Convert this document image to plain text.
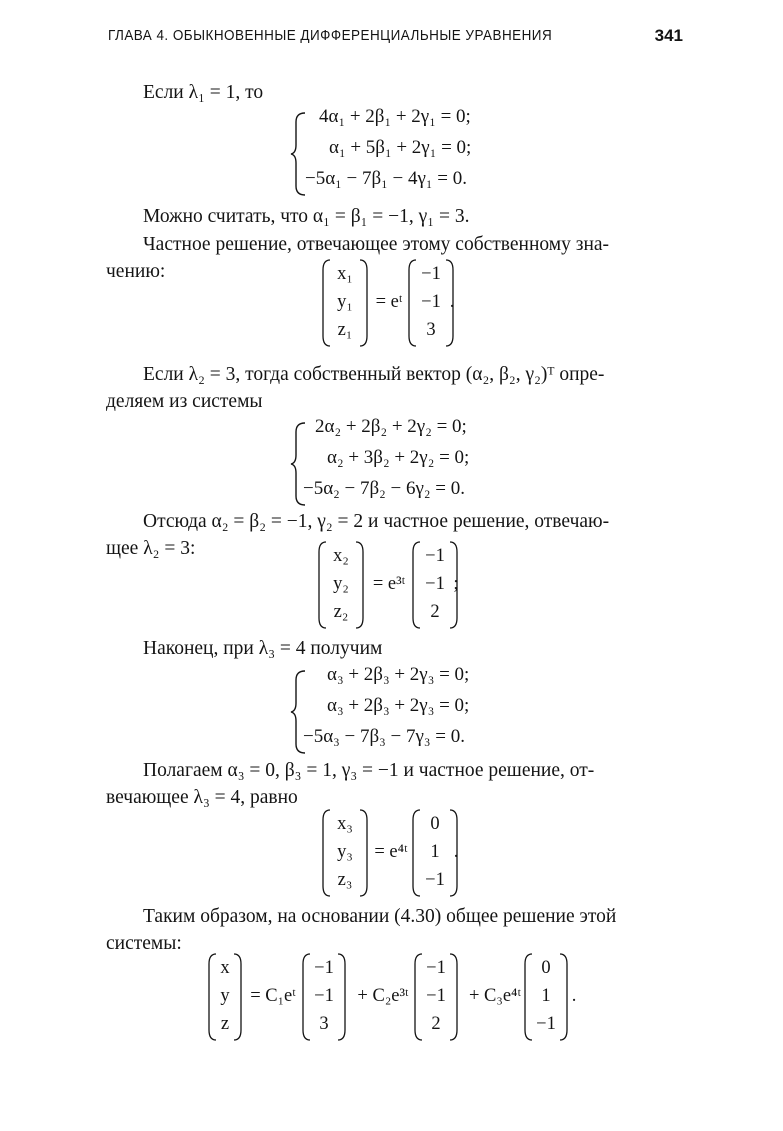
ГЛАВА 4. ОБЫКНОВЕННЫЕ ДИФФЕРЕНЦИАЛЬНЫЕ УРАВНЕНИЯ	341
Если λ₁ = 1, то
4α₁ + 2β₁ + 2γ₁ = 0;
α₁ + 5β₁ + 2γ₁ = 0;
−5α₁ − 7β₁ − 4γ₁ = 0.
Можно считать, что α₁ = β₁ = −1, γ₁ = 3.
Частное решение, отвечающее этому собственному зна-
чению:	x₁
y₁
z₁
= eᵗ
−1
−1
3
.
Если λ₂ = 3, тогда собственный вектор (α₂, β₂, γ₂)ᵀ опре-
деляем из системы
2α₂ + 2β₂ + 2γ₂ = 0;
α₂ + 3β₂ + 2γ₂ = 0;
−5α₂ − 7β₂ − 6γ₂ = 0.
Отсюда α₂ = β₂ = −1, γ₂ = 2 и частное решение, отвечаю-
щее λ₂ = 3:	x₂
y₂
z₂
= e³ᵗ
−1
−1
2
;
Наконец, при λ₃ = 4 получим
α₃ + 2β₃ + 2γ₃ = 0;
α₃ + 2β₃ + 2γ₃ = 0;
−5α₃ − 7β₃ − 7γ₃ = 0.
Полагаем α₃ = 0, β₃ = 1, γ₃ = −1 и частное решение, от-
вечающее λ₃ = 4, равно
x₃
y₃
z₃
= e⁴ᵗ
0
1
−1
.
Таким образом, на основании (4.30) общее решение этой
системы:
x
y
z
= C₁eᵗ
−1
−1
3
+ C₂e³ᵗ
−1
−1
2
+ C₃e⁴ᵗ
0
1
−1
.
